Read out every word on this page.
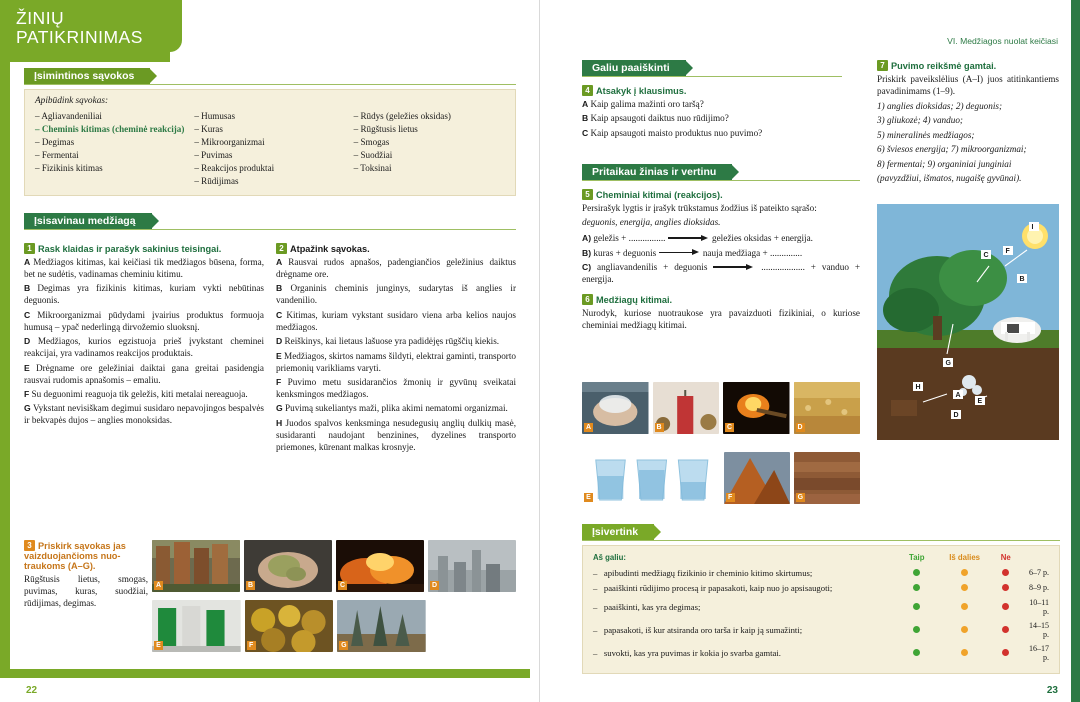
ŽINIŲ
PATIKRINIMAS
22
Įsimintinos sąvokos
Apibūdink sąvokas:
– Agliavandeniliai
– Cheminis kitimas (cheminė reakcija)
– Degimas
– Fermentai
– Fizikinis kitimas
– Humusas
– Kuras
– Mikroorganizmai
– Puvimas
– Reakcijos produktai
– Rūdijimas
– Rūdys (geležies oksidas)
– Rūgštusis lietus
– Smogas
– Suodžiai
– Toksinai
Įsisavinau medžiagą
1 Rask klaidas ir parašyk sakinius teisingai.

A Medžiagos kitimas, kai keičiasi tik medžiagos būsena, forma, bet ne sudėtis, vadinamas cheminiu kitimu.

B Degimas yra fizikinis kitimas, kuriam vykti nebūtinas deguonis.

C Mikroorganizmai pūdydami įvairius produktus formuoja humusą – ypač nederlingą dirvožemio sluoksnį.

D Medžiagos, kurios egzistuoja prieš įvykstant cheminei reakcijai, yra vadinamos reakcijos produktais.

E Drėgname ore geležiniai daiktai gana greitai pasidengia rausvai rudomis apnašomis – emaliu.

F Su deguonimi reaguoja tik geležis, kiti metalai nereaguoja.

G Vykstant nevisiškam degimui susidaro nepavojingos bespalvės ir bekvapės dujos – anglies monoksidas.

2 Atpažink sąvokas.

A Rausvai rudos apnašos, padengiančios geležinius daiktus drėgname ore.

B Organinis cheminis junginys, sudarytas iš anglies ir vandenilio.

C Kitimas, kuriam vykstant susidaro viena arba kelios naujos medžiagos.

D Reiškinys, kai lietaus lašuose yra padidėjęs rūgščių kiekis.

E Medžiagos, skirtos namams šildyti, elektrai gaminti, transporto priemonių varikliams varyti.

F Puvimo metu susidarančios žmonių ir gyvūnų sveikatai kenksmingos medžiagos.

G Puvimą sukeliantys maži, plika akimi nematomi organizmai.

H Juodos spalvos kenksminga nesudegusių anglių dulkių masė, susidaranti naudojant benzinines, dyzelines transporto priemones, kūrenant malkas krosnyje.

3 Priskirk sąvokas jas
vaizduojančioms nuo-
traukoms (A–G).

Rūgštusis lietus, smogas, puvimas, kuras, suodžiai, rūdijimas, degimas.

A	B	C	D
E	F	G
VI. Medžiagos nuolat keičiasi
23
Galiu paaiškinti
4 Atsakyk į klausimus.

A Kaip galima mažinti oro taršą?

B Kaip apsaugoti daiktus nuo rūdijimo?

C Kaip apsaugoti maisto produktus nuo puvimo?

Pritaikau žinias ir vertinu
5 Cheminiai kitimai (reakcijos).

Persirašyk lygtis ir įrašyk trūkstamus žodžius iš pateikto sąrašo:

deguonis, energija, anglies dioksidas.

A) geležis + ................	geležies oksidas + energija.

B) kuras + deguonis	nauja medžiaga + ..............

C) angliavandenilis + deguonis	................... + vanduo + energija.

6 Medžiagų kitimai.

Nurodyk, kuriose nuotraukose yra pavaizduoti fizikiniai, o kuriose cheminiai medžiagų kitimai.

A	B	C	D
E	F	G
7 Puvimo reikšmė gamtai.

Priskirk paveikslėlius (A–I) juos atitinkantiems pavadinimams (1–9).

1) anglies dioksidas; 2) deguonis;

3) gliukozė; 4) vanduo;

5) mineralinės medžiagos;

6) šviesos energija; 7) mikroorganizmai;

8) fermentai; 9) organiniai junginiai

(pavyzdžiui, išmatos, nugaišę gyvūnai).

G
C
F
I
B
H
A
E
D
Įsivertink
Aš galiu:	Taip	Iš dalies	Ne	
–   apibudinti medžiagų fizikinio ir cheminio kitimo skirtumus;				6–7 p.
–   paaiškinti rūdijimo procesą ir papasakoti, kaip nuo jo apsisaugoti;				8–9 p.
–   paaiškinti, kas yra degimas;				10–11 p.
–   papasakoti, iš kur atsiranda oro tarša ir kaip ją sumažinti;				14–15 p.
–   suvokti, kas yra puvimas ir kokia jo svarba gamtai.				16–17 p.
